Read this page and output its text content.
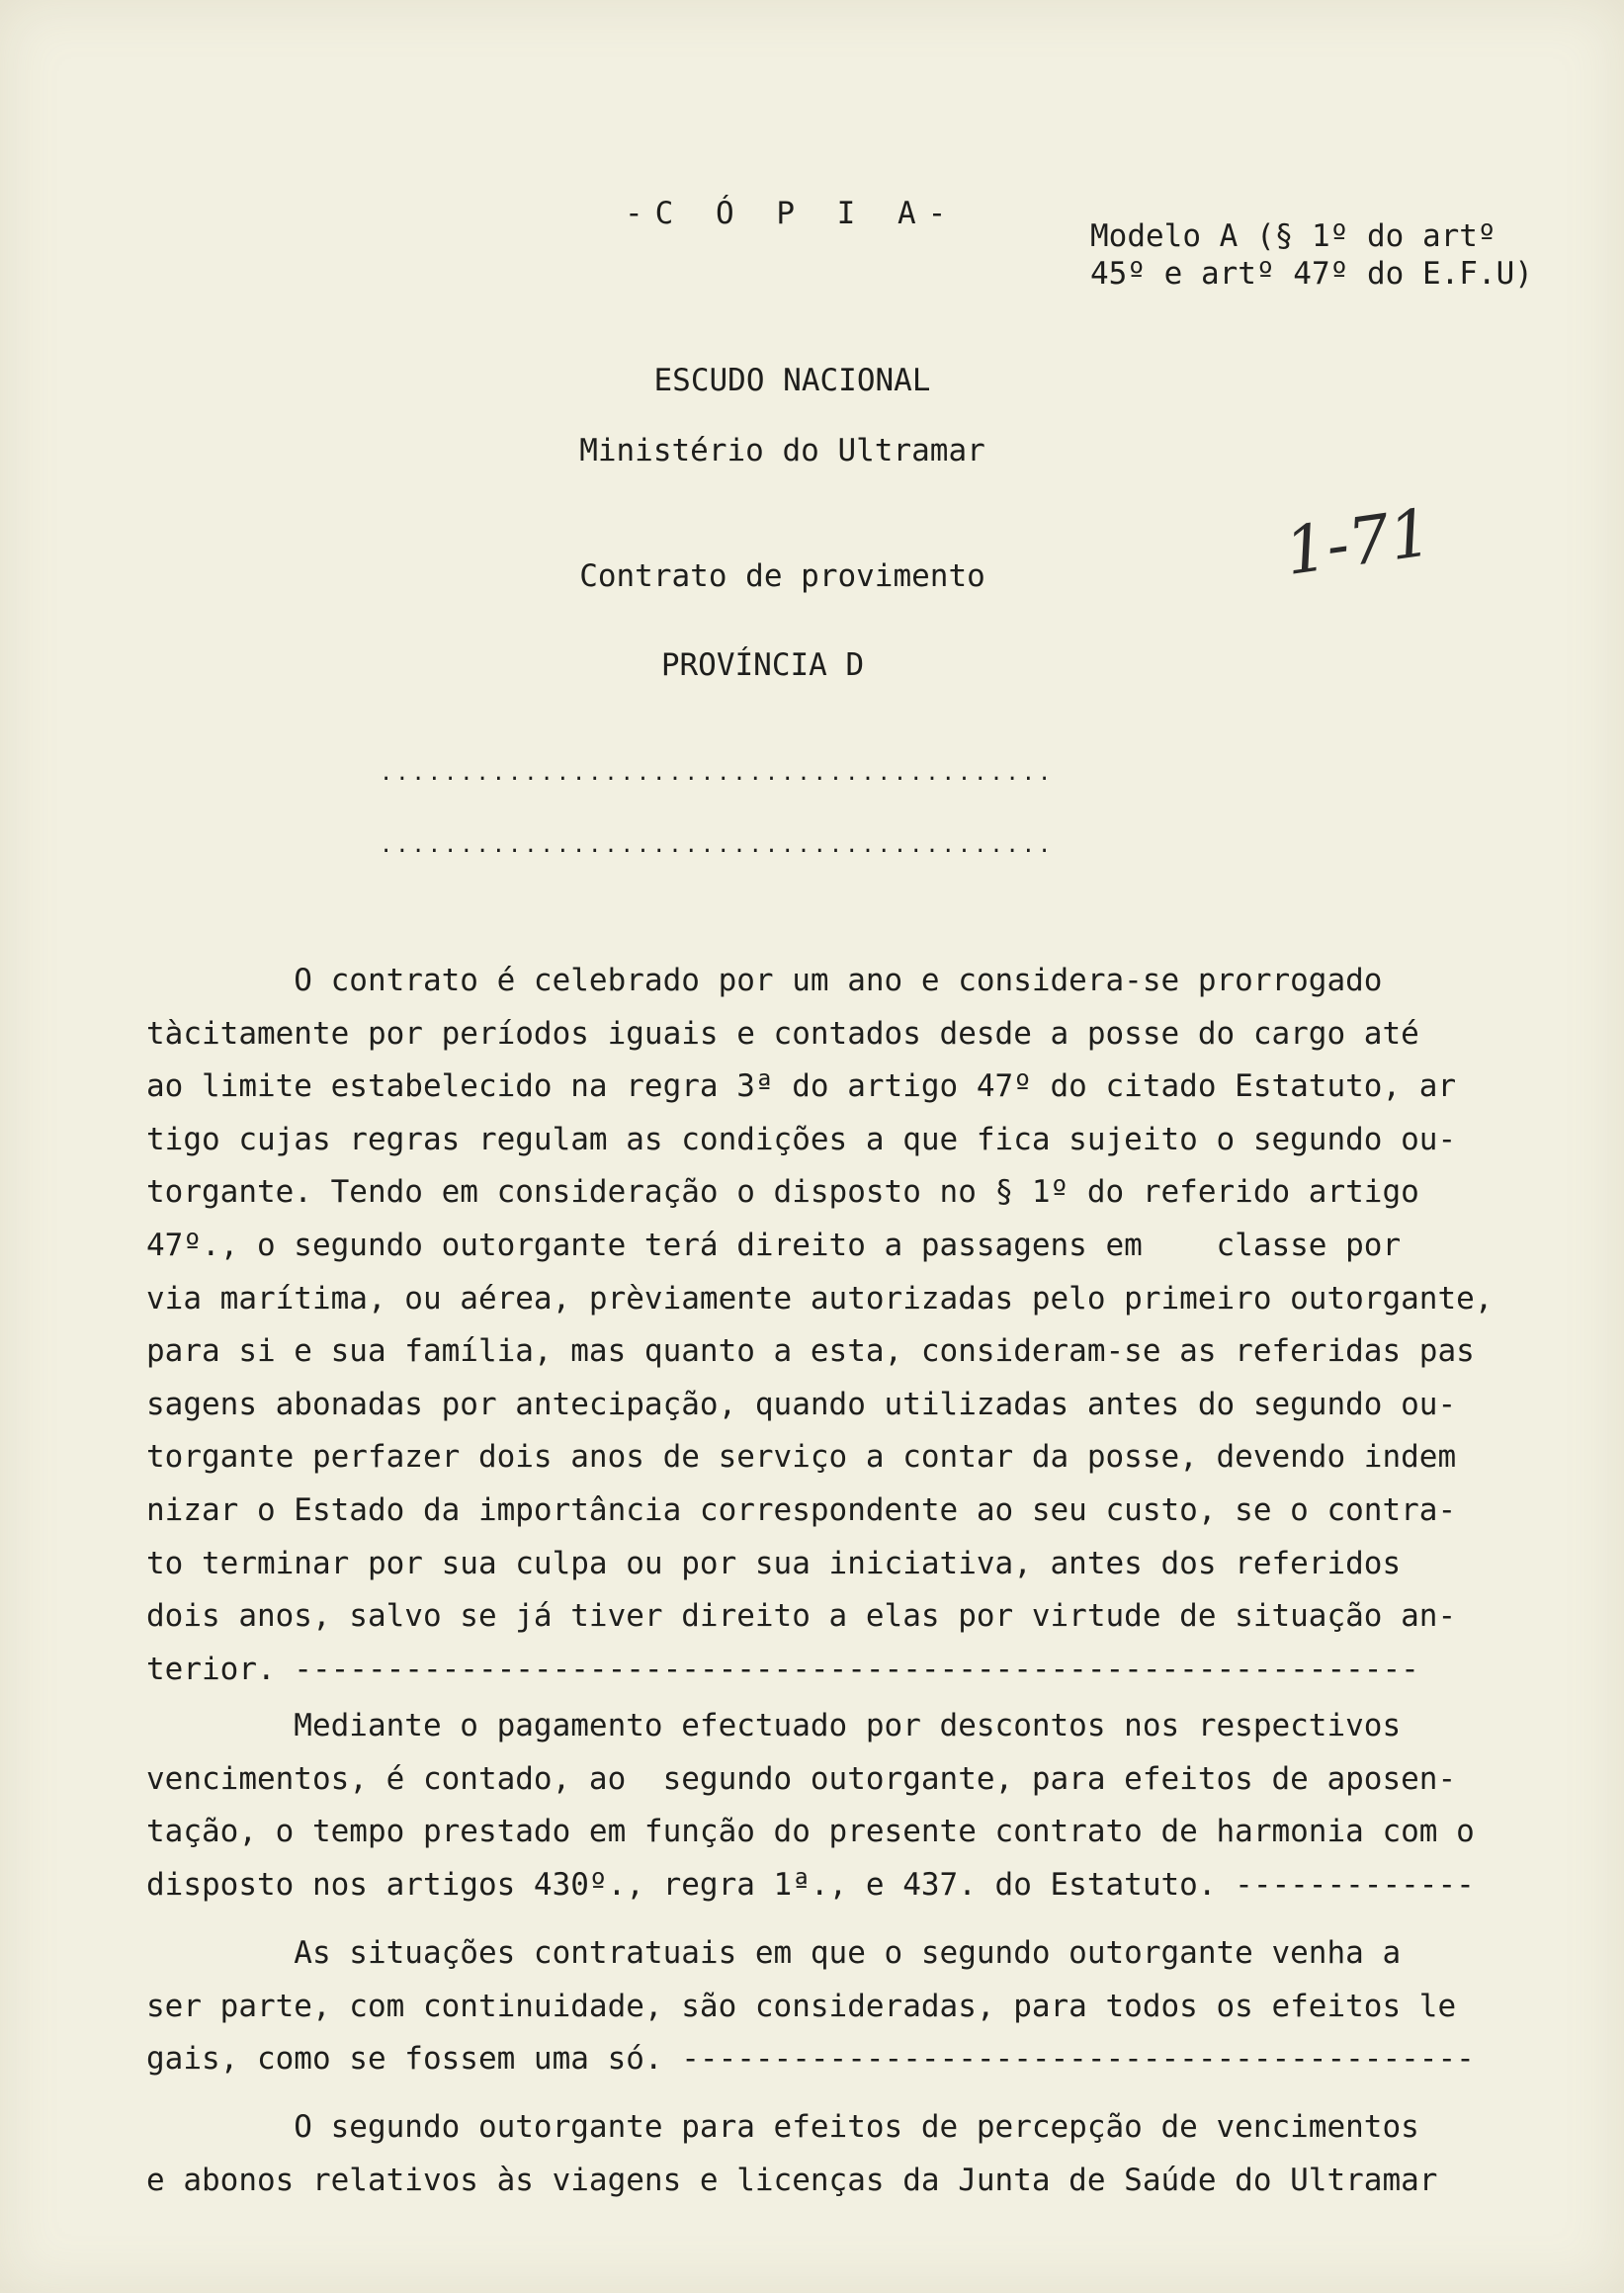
-C Ó P I A-
Modelo A (§ 1º do artº
45º e artº 47º do E.F.U)
ESCUDO NACIONAL
Ministério do Ultramar
Contrato de provimento
PROVÍNCIA D
1-71
..........................................
..........................................
O contrato é celebrado por um ano e considera-se prorrogado
tàcitamente por períodos iguais e contados desde a posse do cargo até
ao limite estabelecido na regra 3ª do artigo 47º do citado Estatuto, ar
tigo cujas regras regulam as condições a que fica sujeito o segundo ou-
torgante. Tendo em consideração o disposto no § 1º do referido artigo
47º., o segundo outorgante terá direito a passagens em    classe por
via marítima, ou aérea, prèviamente autorizadas pelo primeiro outorgante,
para si e sua família, mas quanto a esta, consideram-se as referidas pas
sagens abonadas por antecipação, quando utilizadas antes do segundo ou-
torgante perfazer dois anos de serviço a contar da posse, devendo indem
nizar o Estado da importância correspondente ao seu custo, se o contra-
to terminar por sua culpa ou por sua iniciativa, antes dos referidos
dois anos, salvo se já tiver direito a elas por virtude de situação an-
terior. -------------------------------------------------------------
Mediante o pagamento efectuado por descontos nos respectivos
vencimentos, é contado, ao  segundo outorgante, para efeitos de aposen-
tação, o tempo prestado em função do presente contrato de harmonia com o
disposto nos artigos 430º., regra 1ª., e 437. do Estatuto. -------------
As situações contratuais em que o segundo outorgante venha a
ser parte, com continuidade, são consideradas, para todos os efeitos le
gais, como se fossem uma só. -------------------------------------------
O segundo outorgante para efeitos de percepção de vencimentos
e abonos relativos às viagens e licenças da Junta de Saúde do Ultramar
